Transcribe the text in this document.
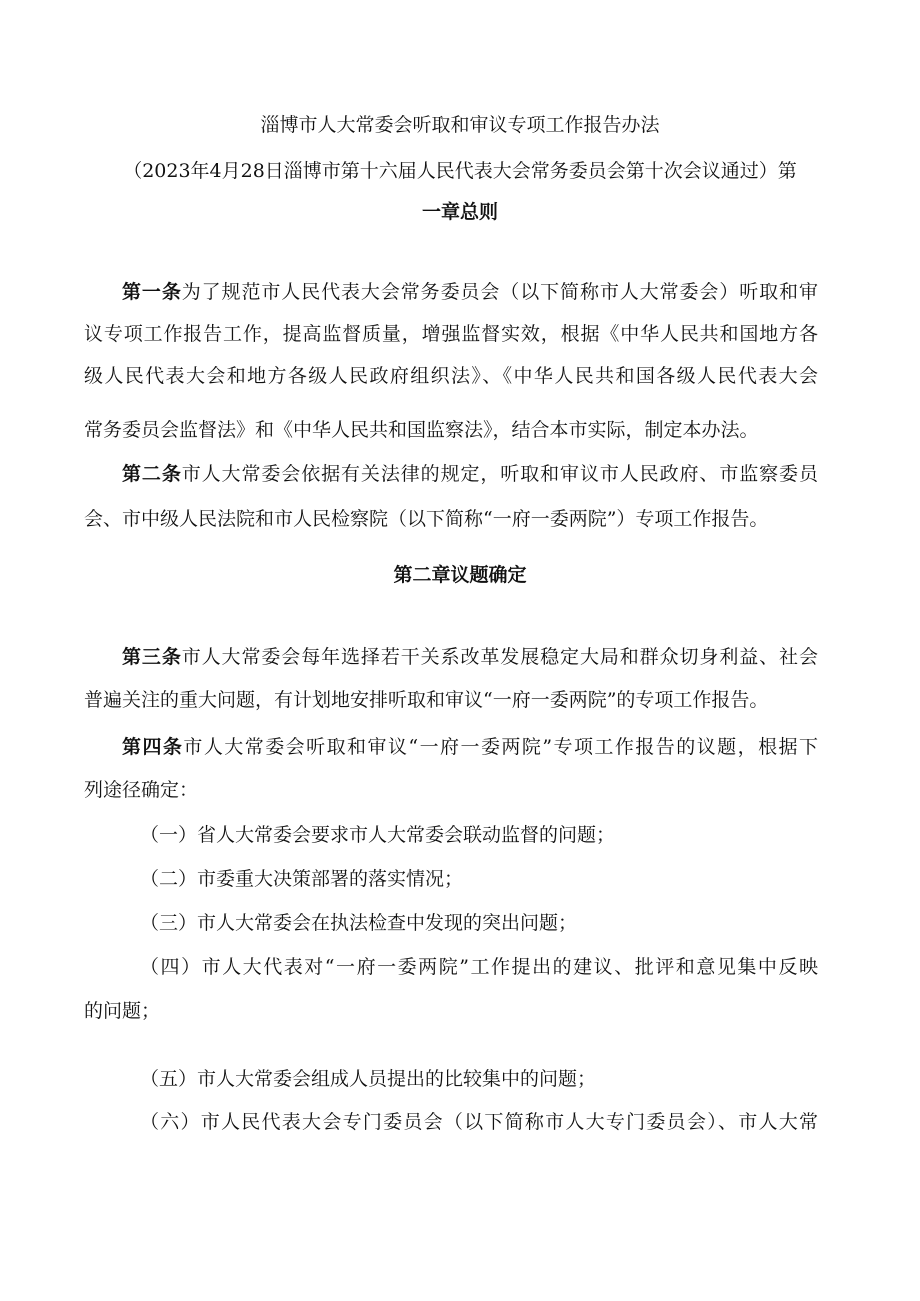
淄博市人大常委会听取和审议专项工作报告办法
（2023年4月28日淄博市第十六届人民代表大会常务委员会第十次会议通过）第
一章总则
第一条为了规范市人民代表大会常务委员会（以下简称市人大常委会）听取和审
议专项工作报告工作，提高监督质量，增强监督实效，根据《中华人民共和国地方各
级人民代表大会和地方各级人民政府组织法》、《中华人民共和国各级人民代表大会
常务委员会监督法》和《中华人民共和国监察法》，结合本市实际，制定本办法。
第二条市人大常委会依据有关法律的规定，听取和审议市人民政府、市监察委员
会、市中级人民法院和市人民检察院（以下简称“一府一委两院”）专项工作报告。
第二章议题确定
第三条市人大常委会每年选择若干关系改革发展稳定大局和群众切身利益、社会
普遍关注的重大问题，有计划地安排听取和审议“一府一委两院”的专项工作报告。
第四条市人大常委会听取和审议“一府一委两院”专项工作报告的议题，根据下
列途径确定：
（一）省人大常委会要求市人大常委会联动监督的问题；
（二）市委重大决策部署的落实情况；
（三）市人大常委会在执法检查中发现的突出问题；
（四）市人大代表对“一府一委两院”工作提出的建议、批评和意见集中反映
的问题；
（五）市人大常委会组成人员提出的比较集中的问题；
（六）市人民代表大会专门委员会（以下简称市人大专门委员会）、市人大常
